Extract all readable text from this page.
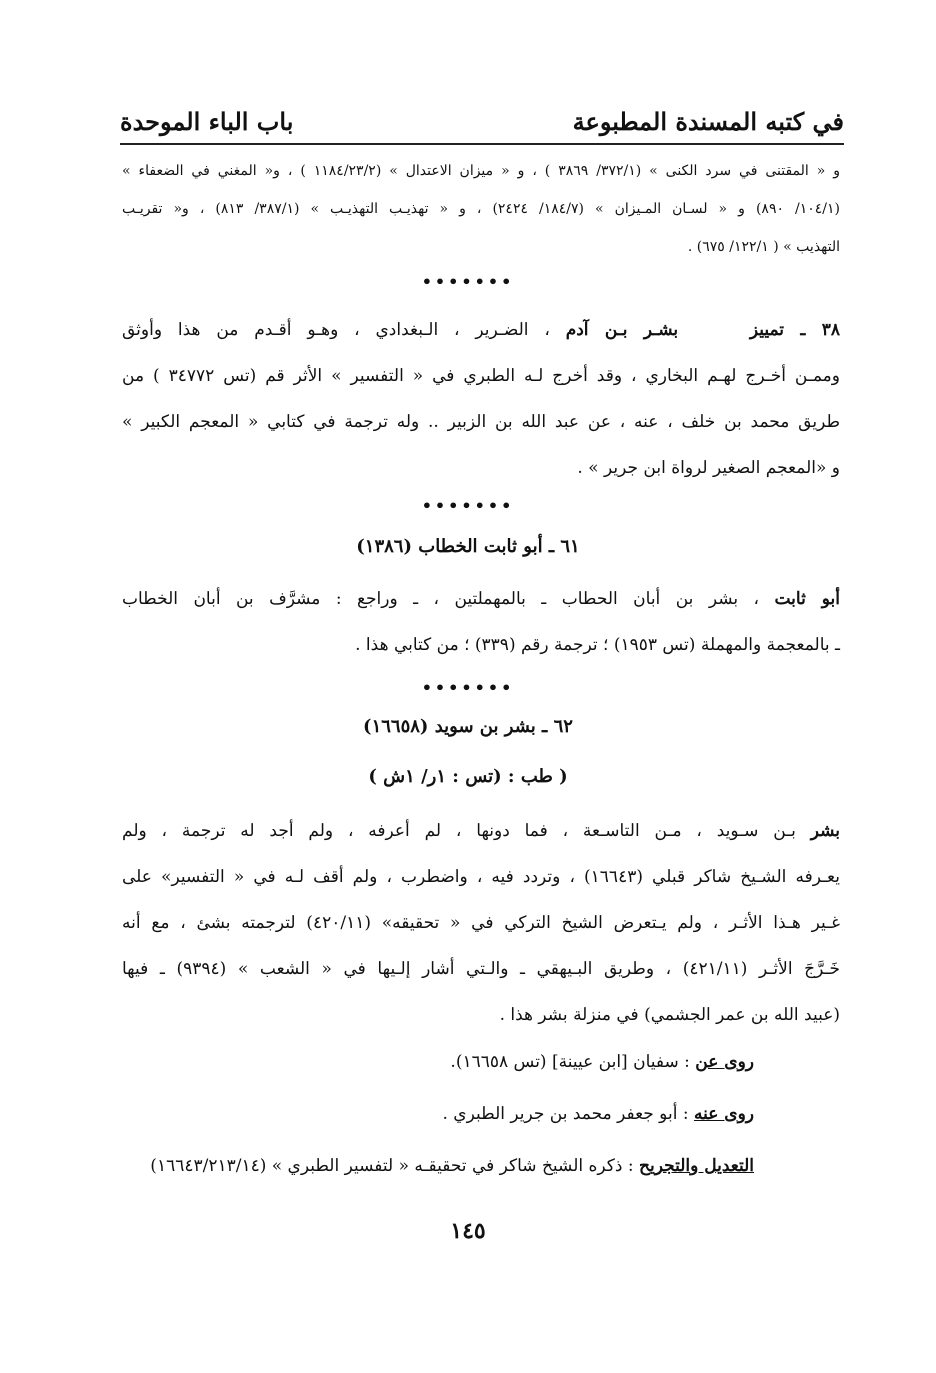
في كتبه المسندة المطبوعة
باب الباء الموحدة
و « المقتنى في سرد الكنى » (٣٧٢/١/ ٣٨٦٩ ) ، و « ميزان الاعتدال » (١١٨٤/٢٣/٢ ) ، و« المغني في الضعفاء »
(١٠٤/١/ ٨٩٠) و « لسـان المـيزان » (١٨٤/٧/ ٢٤٢٤) ، و « تهذيـب التهذيـب » (٣٨٧/١/ ٨١٣) ، و« تقريـب
التهذيب » ( ١٢٢/١/ ٦٧٥) .
•••••••
٣٨ ـ تمييز  بشـر بـن آدم ، الضـرير ، الـبغدادي ، وهـو أقـدم من هذا وأوثق
وممـن أخـرج لهـم البخاري ، وقد أخرج لـه الطبري في « التفسير » الأثر قم (تس ٣٤٧٧٢ ) من
طريق محمد بن خلف ، عنه ، عن عبد الله بن الزبير .. وله ترجمة في كتابي « المعجم الكبير »
و «المعجم الصغير لرواة ابن جرير » .
•••••••
٦١ ـ أبو ثابت الخطاب (١٣٨٦)
أبو ثابت ، بشر بن أبان الحطاب ـ بالمهملتين ، ـ وراجع : مشرَّف بن أبان الخطاب
ـ بالمعجمة والمهملة (تس ١٩٥٣) ؛ ترجمة رقم (٣٣٩) ؛ من كتابي هذا .
•••••••
٦٢ ـ بشر بن سويد (١٦٦٥٨)
( طب : (تس : ١ر/ ١ش )
بشر بـن سـويد ، مـن التاسـعة ، فما دونها ، لم أعرفه ، ولم أجد له ترجمة ، ولم
يعـرفه الشـيخ شاكر قبلي (١٦٦٤٣) ، وتردد فيه ، واضطرب ، ولم أقف لـه في « التفسير» على
غـير هـذا الأثـر ، ولم يـتعرض الشيخ التركي في « تحقيقه» (٤٢٠/١١) لترجمته بشئ ، مع أنه
خَـرَّجَ الأثـر (٤٢١/١١) ، وطريق البـيهقي ـ والـتي أشار إلـيها في « الشعب » (٩٣٩٤) ـ فيها
(عبيد الله بن عمر الجشمي) في منزلة بشر هذا .
روى عن : سفيان [ابن عيينة] (تس ١٦٦٥٨).
روى عنه : أبو جعفر محمد بن جرير الطبري .
التعديل والتجريح : ذكره الشيخ شاكر في تحقيقـه « لتفسير الطبري » (١٦٦٤٣/٢١٣/١٤)
١٤٥
